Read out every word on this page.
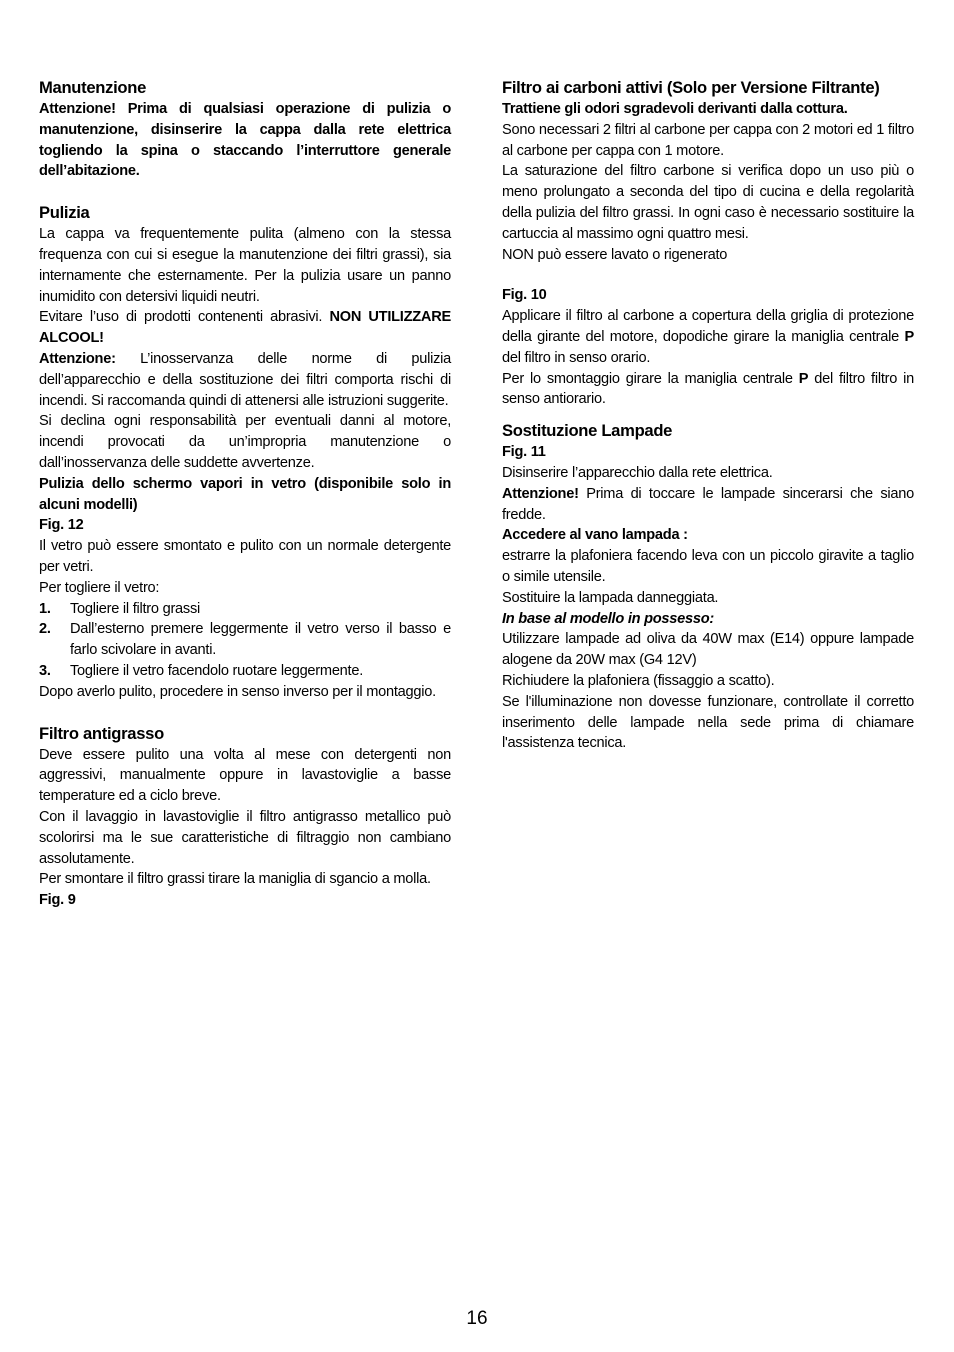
Manutenzione

Attenzione! Prima di qualsiasi operazione di pulizia o manutenzione, disinserire la cappa dalla rete elettrica togliendo la spina o staccando l’interruttore generale dell’abitazione.

Pulizia

La cappa va frequentemente pulita (almeno con la stessa frequenza con cui si esegue la manutenzione dei filtri grassi), sia internamente che esternamente. Per la pulizia usare un panno inumidito con detersivi liquidi neutri.

Evitare l’uso di prodotti contenenti abrasivi. NON UTILIZZARE ALCOOL!

Attenzione: L’inosservanza delle norme di pulizia dell’apparecchio e della sostituzione dei filtri comporta rischi di incendi. Si raccomanda quindi di attenersi alle istruzioni suggerite.

Si declina ogni responsabilità per eventuali danni al motore, incendi provocati da un’impropria manutenzione o dall’inosservanza delle suddette avvertenze.

Pulizia dello schermo vapori in vetro (disponibile solo in alcuni modelli)

Fig. 12

Il vetro può essere smontato e pulito con un normale detergente per vetri.

Per togliere il vetro:

1.	Togliere il filtro grassi
2.	Dall’esterno premere leggermente il vetro verso il basso e farlo scivolare in avanti.
3.	Togliere il vetro facendolo ruotare leggermente.

Dopo averlo pulito, procedere in senso inverso per il montaggio.

Filtro antigrasso

Deve essere pulito una volta al mese con detergenti non aggressivi, manualmente oppure in lavastoviglie a basse temperature ed a ciclo breve.

Con il lavaggio in lavastoviglie il filtro antigrasso metallico può scolorirsi ma le sue caratteristiche di filtraggio non cambiano assolutamente.

Per smontare il filtro grassi tirare la maniglia di sgancio a molla.

Fig. 9

Filtro ai carboni attivi (Solo per Versione Filtrante)

Trattiene gli odori sgradevoli derivanti dalla cottura.

Sono necessari 2 filtri al carbone per cappa con 2 motori ed 1 filtro al carbone per cappa con 1 motore.

La saturazione del filtro carbone si verifica dopo un uso più o meno prolungato a seconda del tipo di cucina e della regolarità della pulizia del filtro grassi. In ogni caso è necessario sostituire la cartuccia al massimo ogni quattro mesi.

NON può essere lavato o rigenerato

Fig. 10

Applicare il filtro al carbone a copertura della griglia di protezione della girante del motore, dopodiche girare la maniglia centrale P del filtro in senso orario.

Per lo smontaggio girare la maniglia centrale P del filtro filtro in senso antiorario.

Sostituzione Lampade

Fig. 11

Disinserire l’apparecchio dalla rete elettrica.

Attenzione! Prima di toccare le lampade sincerarsi che siano fredde.

Accedere al vano lampada :

estrarre la plafoniera facendo leva con un piccolo giravite a taglio o simile utensile.

Sostituire la lampada danneggiata.

In base al modello in possesso:

Utilizzare lampade ad oliva da 40W max (E14) oppure lampade alogene da 20W max (G4 12V)

Richiudere la plafoniera (fissaggio a scatto).

Se l'illuminazione non dovesse funzionare, controllate il corretto inserimento delle lampade nella sede prima di chiamare l'assistenza tecnica.

16
